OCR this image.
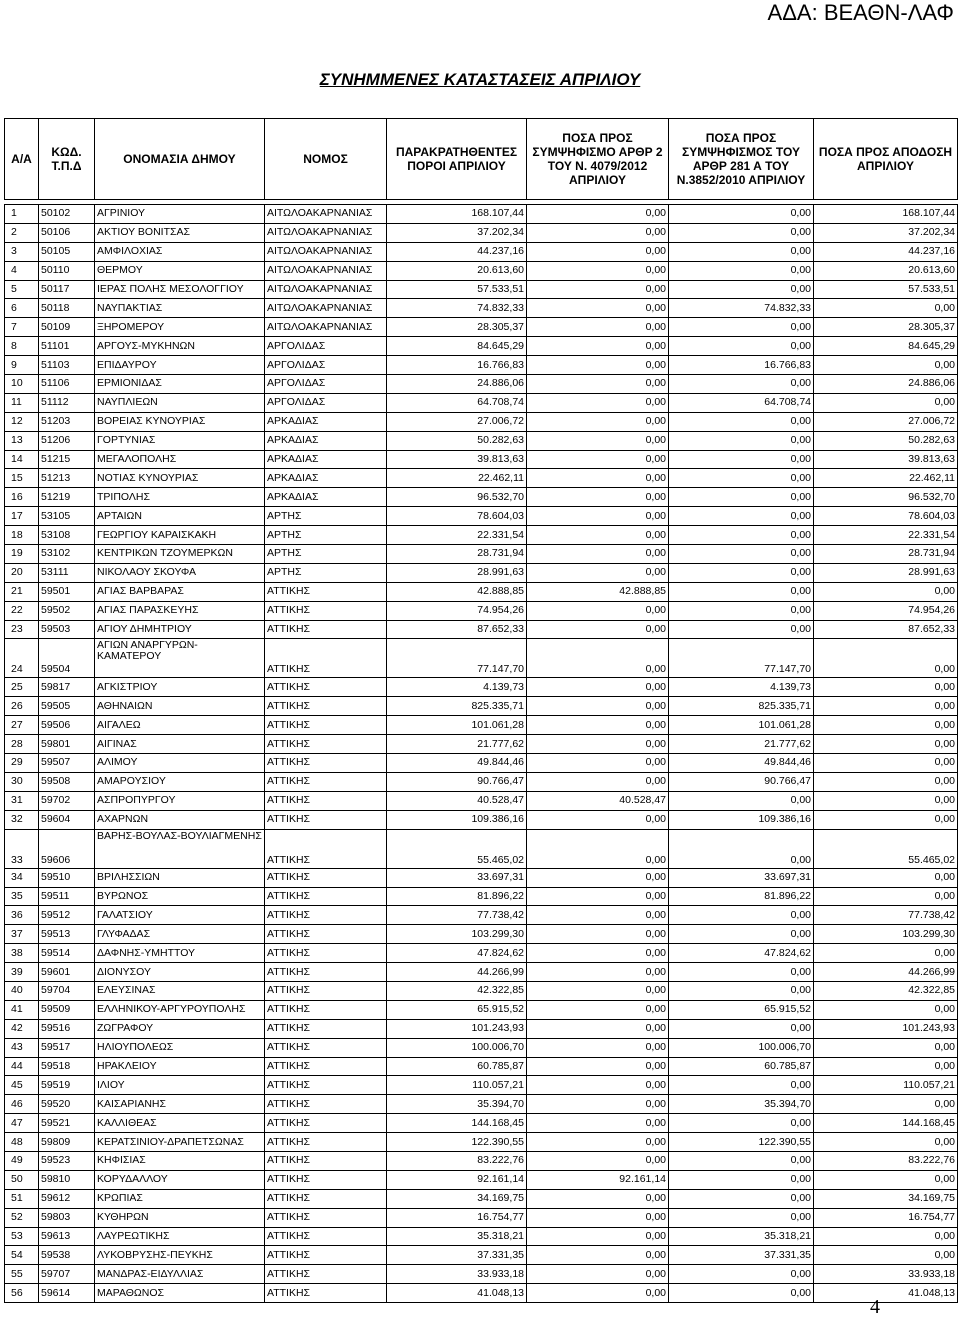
ΑΔΑ: ΒΕΑΘΝ-ΛΑΦ
ΣΥΝΗΜΜΕΝΕΣ ΚΑΤΑΣΤΑΣΕΙΣ ΑΠΡΙΛΙΟΥ
Α/Α	ΚΩΔ. Τ.Π.Δ	ΟΝΟΜΑΣΙΑ ΔΗΜΟΥ	ΝΟΜΟΣ	ΠΑΡΑΚΡΑΤΗΘΕΝΤΕΣ ΠΟΡΟΙ ΑΠΡΙΛΙΟΥ	ΠΟΣΑ ΠΡΟΣ ΣΥΜΨΗΦΙΣΜΟ ΑΡΘΡ 2 ΤΟΥ Ν. 4079/2012 ΑΠΡΙΛΙΟΥ	ΠΟΣΑ ΠΡΟΣ ΣΥΜΨΗΦΙΣΜΟΣ ΤΟΥ ΑΡΘΡ 281 Α ΤΟΥ Ν.3852/2010 ΑΠΡΙΛΙΟΥ	ΠΟΣΑ ΠΡΟΣ ΑΠΟΔΟΣΗ ΑΠΡΙΛΙΟΥ
1	50102	ΑΓΡΙΝΙΟΥ	ΑΙΤΩΛΟΑΚΑΡΝΑΝΙΑΣ	168.107,44	0,00	0,00	168.107,44
2	50106	ΑΚΤΙΟΥ ΒΟΝΙΤΣΑΣ	ΑΙΤΩΛΟΑΚΑΡΝΑΝΙΑΣ	37.202,34	0,00	0,00	37.202,34
3	50105	ΑΜΦΙΛΟΧΙΑΣ	ΑΙΤΩΛΟΑΚΑΡΝΑΝΙΑΣ	44.237,16	0,00	0,00	44.237,16
4	50110	ΘΕΡΜΟΥ	ΑΙΤΩΛΟΑΚΑΡΝΑΝΙΑΣ	20.613,60	0,00	0,00	20.613,60
5	50117	ΙΕΡΑΣ ΠΟΛΗΣ ΜΕΣΟΛΟΓΓΙΟΥ	ΑΙΤΩΛΟΑΚΑΡΝΑΝΙΑΣ	57.533,51	0,00	0,00	57.533,51
6	50118	ΝΑΥΠΑΚΤΙΑΣ	ΑΙΤΩΛΟΑΚΑΡΝΑΝΙΑΣ	74.832,33	0,00	74.832,33	0,00
7	50109	ΞΗΡΟΜΕΡΟΥ	ΑΙΤΩΛΟΑΚΑΡΝΑΝΙΑΣ	28.305,37	0,00	0,00	28.305,37
8	51101	ΑΡΓΟΥΣ-ΜΥΚΗΝΩΝ	ΑΡΓΟΛΙΔΑΣ	84.645,29	0,00	0,00	84.645,29
9	51103	ΕΠΙΔΑΥΡΟΥ	ΑΡΓΟΛΙΔΑΣ	16.766,83	0,00	16.766,83	0,00
10	51106	ΕΡΜΙΟΝΙΔΑΣ	ΑΡΓΟΛΙΔΑΣ	24.886,06	0,00	0,00	24.886,06
11	51112	ΝΑΥΠΛΙΕΩΝ	ΑΡΓΟΛΙΔΑΣ	64.708,74	0,00	64.708,74	0,00
12	51203	ΒΟΡΕΙΑΣ ΚΥΝΟΥΡΙΑΣ	ΑΡΚΑΔΙΑΣ	27.006,72	0,00	0,00	27.006,72
13	51206	ΓΟΡΤΥΝΙΑΣ	ΑΡΚΑΔΙΑΣ	50.282,63	0,00	0,00	50.282,63
14	51215	ΜΕΓΑΛΟΠΟΛΗΣ	ΑΡΚΑΔΙΑΣ	39.813,63	0,00	0,00	39.813,63
15	51213	ΝΟΤΙΑΣ ΚΥΝΟΥΡΙΑΣ	ΑΡΚΑΔΙΑΣ	22.462,11	0,00	0,00	22.462,11
16	51219	ΤΡΙΠΟΛΗΣ	ΑΡΚΑΔΙΑΣ	96.532,70	0,00	0,00	96.532,70
17	53105	ΑΡΤΑΙΩΝ	ΑΡΤΗΣ	78.604,03	0,00	0,00	78.604,03
18	53108	ΓΕΩΡΓΙΟΥ ΚΑΡΑΙΣΚΑΚΗ	ΑΡΤΗΣ	22.331,54	0,00	0,00	22.331,54
19	53102	ΚΕΝΤΡΙΚΩΝ ΤΖΟΥΜΕΡΚΩΝ	ΑΡΤΗΣ	28.731,94	0,00	0,00	28.731,94
20	53111	ΝΙΚΟΛΑΟΥ ΣΚΟΥΦΑ	ΑΡΤΗΣ	28.991,63	0,00	0,00	28.991,63
21	59501	ΑΓΙΑΣ ΒΑΡΒΑΡΑΣ	ΑΤΤΙΚΗΣ	42.888,85	42.888,85	0,00	0,00
22	59502	ΑΓΙΑΣ ΠΑΡΑΣΚΕΥΗΣ	ΑΤΤΙΚΗΣ	74.954,26	0,00	0,00	74.954,26
23	59503	ΑΓΙΟΥ ΔΗΜΗΤΡΙΟΥ	ΑΤΤΙΚΗΣ	87.652,33	0,00	0,00	87.652,33
24	59504	ΑΓΙΩΝ ΑΝΑΡΓΥΡΩΝ-ΚΑΜΑΤΕΡΟΥ	ΑΤΤΙΚΗΣ	77.147,70	0,00	77.147,70	0,00
25	59817	ΑΓΚΙΣΤΡΙΟΥ	ΑΤΤΙΚΗΣ	4.139,73	0,00	4.139,73	0,00
26	59505	ΑΘΗΝΑΙΩΝ	ΑΤΤΙΚΗΣ	825.335,71	0,00	825.335,71	0,00
27	59506	ΑΙΓΑΛΕΩ	ΑΤΤΙΚΗΣ	101.061,28	0,00	101.061,28	0,00
28	59801	ΑΙΓΙΝΑΣ	ΑΤΤΙΚΗΣ	21.777,62	0,00	21.777,62	0,00
29	59507	ΑΛΙΜΟΥ	ΑΤΤΙΚΗΣ	49.844,46	0,00	49.844,46	0,00
30	59508	ΑΜΑΡΟΥΣΙΟΥ	ΑΤΤΙΚΗΣ	90.766,47	0,00	90.766,47	0,00
31	59702	ΑΣΠΡΟΠΥΡΓΟΥ	ΑΤΤΙΚΗΣ	40.528,47	40.528,47	0,00	0,00
32	59604	ΑΧΑΡΝΩΝ	ΑΤΤΙΚΗΣ	109.386,16	0,00	109.386,16	0,00
33	59606	ΒΑΡΗΣ-ΒΟΥΛΑΣ-ΒΟΥΛΙΑΓΜΕΝΗΣ	ΑΤΤΙΚΗΣ	55.465,02	0,00	0,00	55.465,02
34	59510	ΒΡΙΛΗΣΣΙΩΝ	ΑΤΤΙΚΗΣ	33.697,31	0,00	33.697,31	0,00
35	59511	ΒΥΡΩΝΟΣ	ΑΤΤΙΚΗΣ	81.896,22	0,00	81.896,22	0,00
36	59512	ΓΑΛΑΤΣΙΟΥ	ΑΤΤΙΚΗΣ	77.738,42	0,00	0,00	77.738,42
37	59513	ΓΛΥΦΑΔΑΣ	ΑΤΤΙΚΗΣ	103.299,30	0,00	0,00	103.299,30
38	59514	ΔΑΦΝΗΣ-ΥΜΗΤΤΟΥ	ΑΤΤΙΚΗΣ	47.824,62	0,00	47.824,62	0,00
39	59601	ΔΙΟΝΥΣΟΥ	ΑΤΤΙΚΗΣ	44.266,99	0,00	0,00	44.266,99
40	59704	ΕΛΕΥΣΙΝΑΣ	ΑΤΤΙΚΗΣ	42.322,85	0,00	0,00	42.322,85
41	59509	ΕΛΛΗΝΙΚΟΥ-ΑΡΓΥΡΟΥΠΟΛΗΣ	ΑΤΤΙΚΗΣ	65.915,52	0,00	65.915,52	0,00
42	59516	ΖΩΓΡΑΦΟΥ	ΑΤΤΙΚΗΣ	101.243,93	0,00	0,00	101.243,93
43	59517	ΗΛΙΟΥΠΟΛΕΩΣ	ΑΤΤΙΚΗΣ	100.006,70	0,00	100.006,70	0,00
44	59518	ΗΡΑΚΛΕΙΟΥ	ΑΤΤΙΚΗΣ	60.785,87	0,00	60.785,87	0,00
45	59519	ΙΛΙΟΥ	ΑΤΤΙΚΗΣ	110.057,21	0,00	0,00	110.057,21
46	59520	ΚΑΙΣΑΡΙΑΝΗΣ	ΑΤΤΙΚΗΣ	35.394,70	0,00	35.394,70	0,00
47	59521	ΚΑΛΛΙΘΕΑΣ	ΑΤΤΙΚΗΣ	144.168,45	0,00	0,00	144.168,45
48	59809	ΚΕΡΑΤΣΙΝΙΟΥ-ΔΡΑΠΕΤΣΩΝΑΣ	ΑΤΤΙΚΗΣ	122.390,55	0,00	122.390,55	0,00
49	59523	ΚΗΦΙΣΙΑΣ	ΑΤΤΙΚΗΣ	83.222,76	0,00	0,00	83.222,76
50	59810	ΚΟΡΥΔΑΛΛΟΥ	ΑΤΤΙΚΗΣ	92.161,14	92.161,14	0,00	0,00
51	59612	ΚΡΩΠΙΑΣ	ΑΤΤΙΚΗΣ	34.169,75	0,00	0,00	34.169,75
52	59803	ΚΥΘΗΡΩΝ	ΑΤΤΙΚΗΣ	16.754,77	0,00	0,00	16.754,77
53	59613	ΛΑΥΡΕΩΤΙΚΗΣ	ΑΤΤΙΚΗΣ	35.318,21	0,00	35.318,21	0,00
54	59538	ΛΥΚΟΒΡΥΣΗΣ-ΠΕΥΚΗΣ	ΑΤΤΙΚΗΣ	37.331,35	0,00	37.331,35	0,00
55	59707	ΜΑΝΔΡΑΣ-ΕΙΔΥΛΛΙΑΣ	ΑΤΤΙΚΗΣ	33.933,18	0,00	0,00	33.933,18
56	59614	ΜΑΡΑΘΩΝΟΣ	ΑΤΤΙΚΗΣ	41.048,13	0,00	0,00	41.048,13
4
